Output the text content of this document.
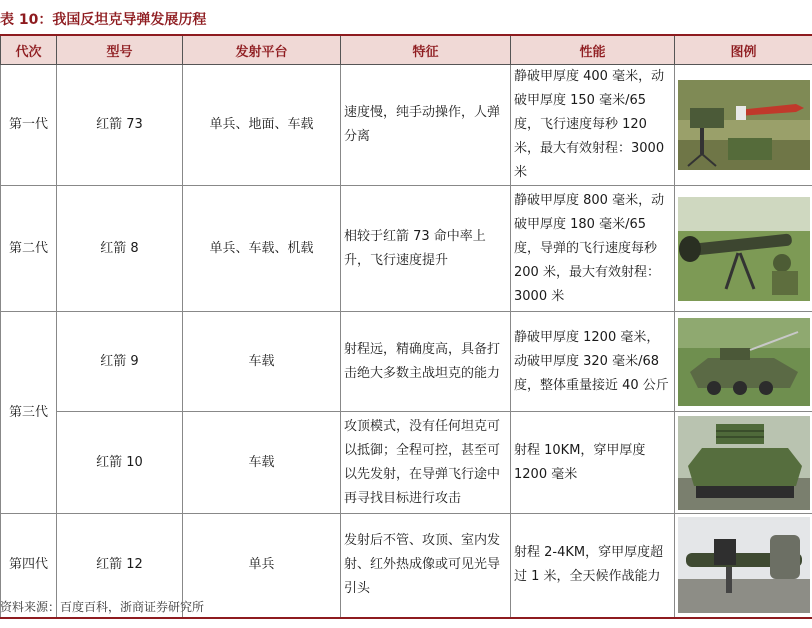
表 10：我国反坦克导弹发展历程
代次	型号	发射平台	特征	性能	图例
第一代	红箭 73	单兵、地面、车载	速度慢，纯手动操作，人弹分离	静破甲厚度 400 毫米，动破甲厚度 150 毫米/65 度，飞行速度每秒 120 米，最大有效射程：3000 米	

第二代	红箭 8	单兵、车载、机载	相较于红箭 73 命中率上升，飞行速度提升	静破甲厚度 800 毫米，动破甲厚度 180 毫米/65 度，导弹的飞行速度每秒 200 米，最大有效射程：3000 米	

第三代	红箭 9	车载	射程远，精确度高，具备打击绝大多数主战坦克的能力	静破甲厚度 1200 毫米，动破甲厚度 320 毫米/68 度，整体重量接近 40 公斤	

	红箭 10	车载	攻顶模式，没有任何坦克可以抵御；全程可控，甚至可以先发射，在导弹飞行途中再寻找目标进行攻击	射程 10KM，穿甲厚度 1200 毫米	

第四代	红箭 12	单兵	发射后不管、攻顶、室内发射、红外热成像或可见光导引头	射程 2-4KM，穿甲厚度超过 1 米，全天候作战能力	
资料来源：百度百科，浙商证券研究所
